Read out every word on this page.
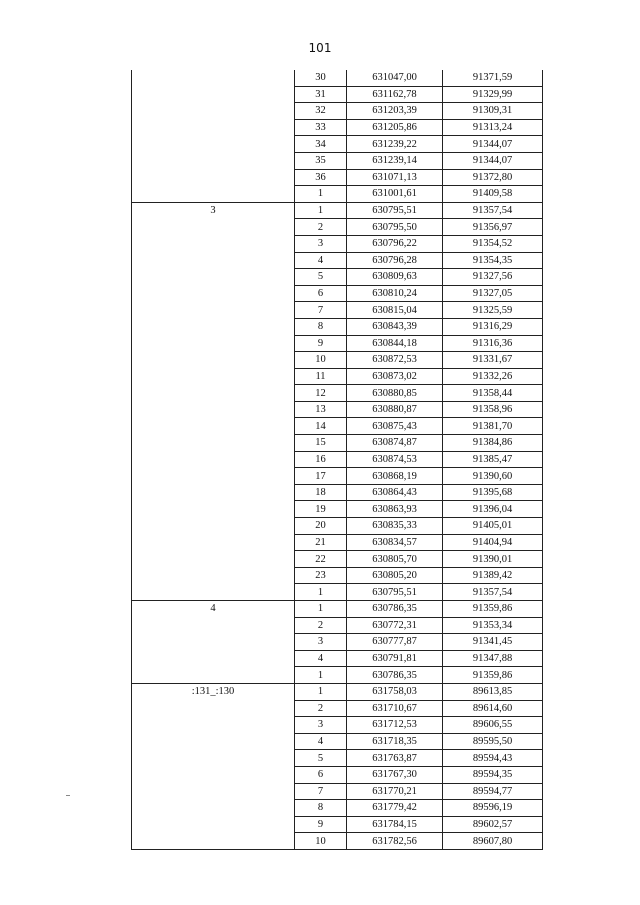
101
	30	631047,00	91371,59
	31	631162,78	91329,99
	32	631203,39	91309,31
	33	631205,86	91313,24
	34	631239,22	91344,07
	35	631239,14	91344,07
	36	631071,13	91372,80
	1	631001,61	91409,58
3	1	630795,51	91357,54
	2	630795,50	91356,97
	3	630796,22	91354,52
	4	630796,28	91354,35
	5	630809,63	91327,56
	6	630810,24	91327,05
	7	630815,04	91325,59
	8	630843,39	91316,29
	9	630844,18	91316,36
	10	630872,53	91331,67
	11	630873,02	91332,26
	12	630880,85	91358,44
	13	630880,87	91358,96
	14	630875,43	91381,70
	15	630874,87	91384,86
	16	630874,53	91385,47
	17	630868,19	91390,60
	18	630864,43	91395,68
	19	630863,93	91396,04
	20	630835,33	91405,01
	21	630834,57	91404,94
	22	630805,70	91390,01
	23	630805,20	91389,42
	1	630795,51	91357,54
4	1	630786,35	91359,86
	2	630772,31	91353,34
	3	630777,87	91341,45
	4	630791,81	91347,88
	1	630786,35	91359,86
:131_:130	1	631758,03	89613,85
	2	631710,67	89614,60
	3	631712,53	89606,55
	4	631718,35	89595,50
	5	631763,87	89594,43
	6	631767,30	89594,35
	7	631770,21	89594,77
	8	631779,42	89596,19
	9	631784,15	89602,57
	10	631782,56	89607,80
